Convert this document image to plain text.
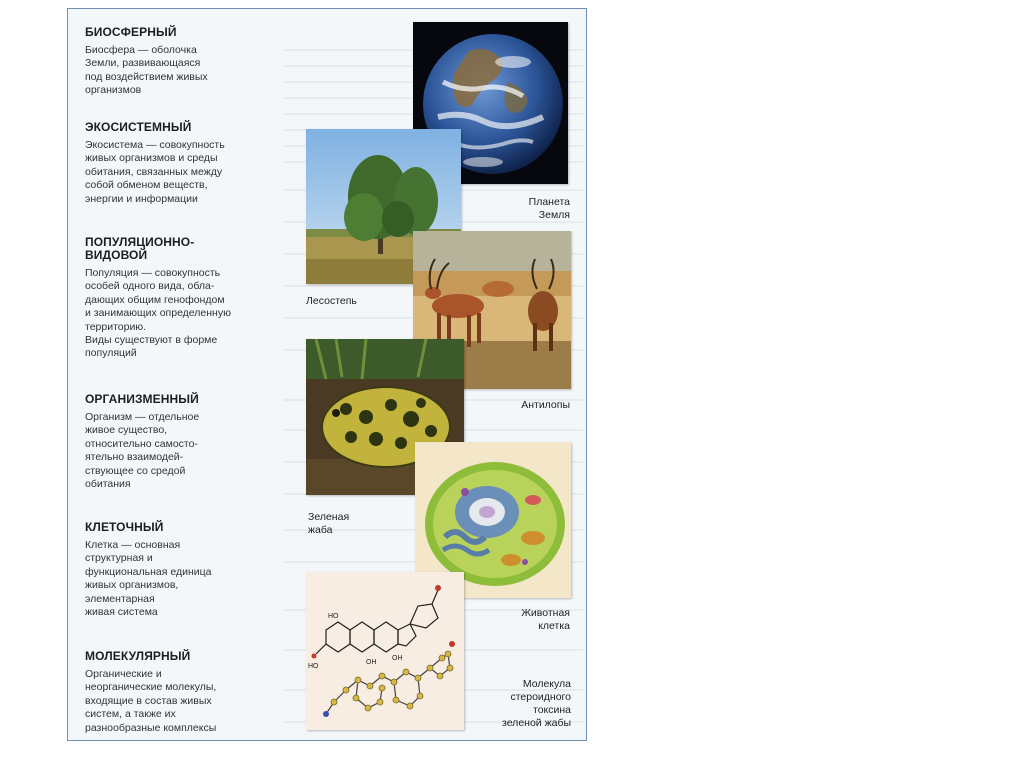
БИОСФЕРНЫЙ

Биосфера — оболочка
Земли, развивающаяся
под воздействием живых
организмов

ЭКОСИСТЕМНЫЙ

Экосистема — совокупность
живых организмов и среды
обитания, связанных между
собой обменом веществ,
энергии и информации

ПОПУЛЯЦИОННО-
ВИДОВОЙ

Популяция — совокупность
особей одного вида, обла-
дающих общим генофондом
и занимающих определенную
территорию.
Виды существуют в форме
популяций

ОРГАНИЗМЕННЫЙ

Организм — отдельное
живое существо,
относительно самосто-
ятельно взаимодей-
ствующее со средой
обитания

КЛЕТОЧНЫЙ

Клетка — основная
структурная и
функциональная единица
живых организмов,
элементарная
живая система

МОЛЕКУЛЯРНЫЙ

Органические и
неорганические молекулы,
входящие в состав живых
систем, а также их
разнообразные комплексы

Планета
Земля
Лесостепь
Антилопы
Зеленая
жаба
Животная
клетка
HO
OH
HO
OH
Молекула
стероидного
токсина
зеленой жабы
